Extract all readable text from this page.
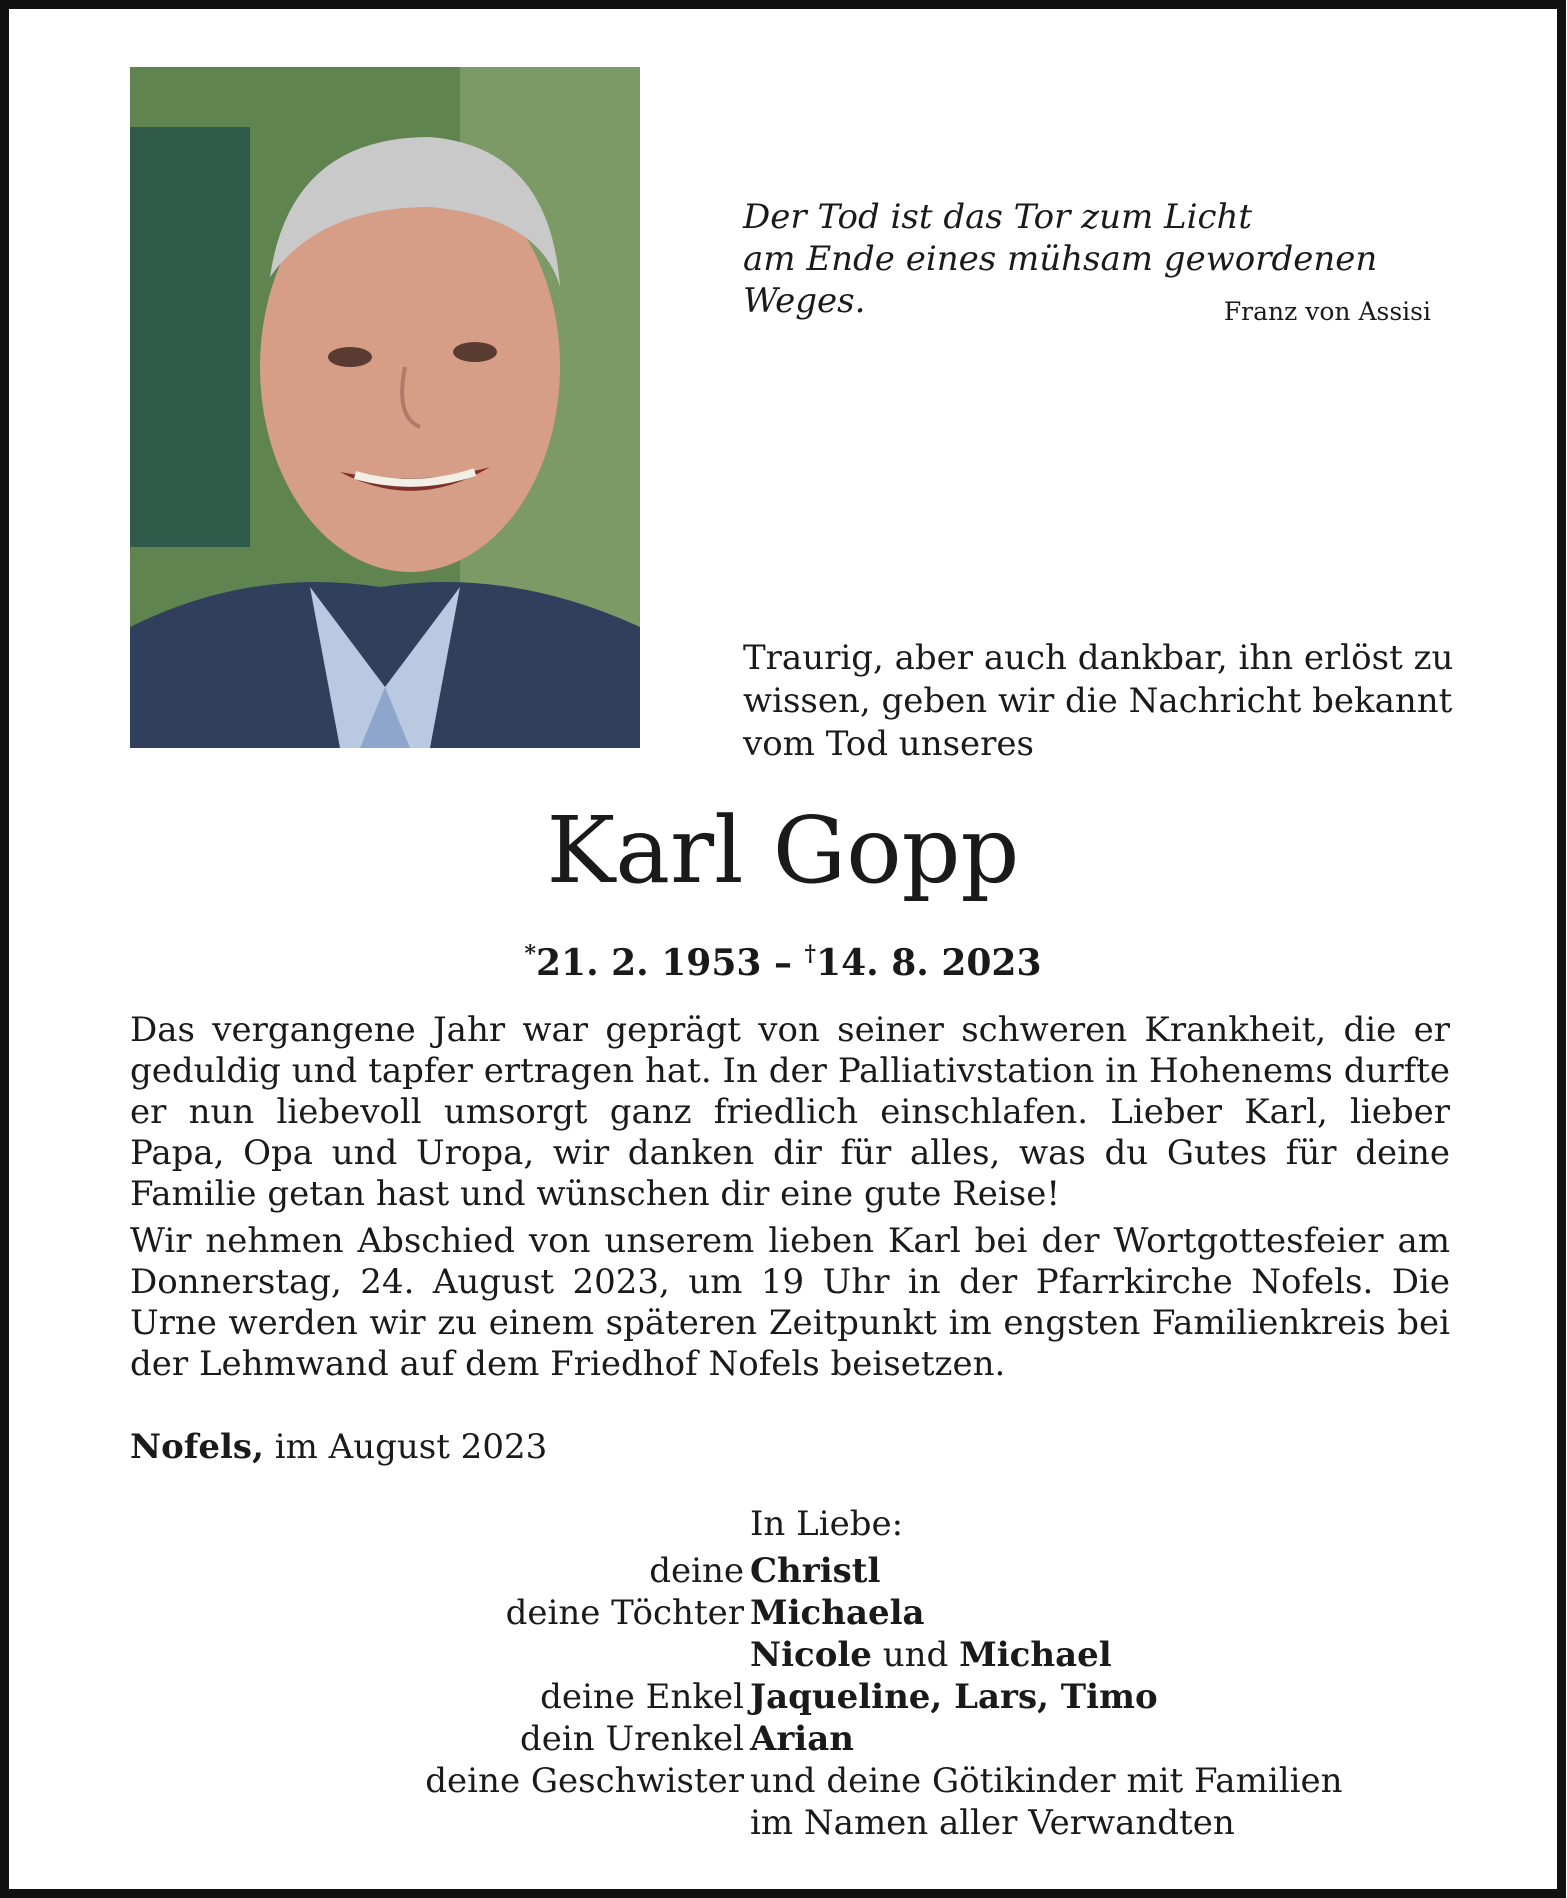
Der Tod ist das Tor zum Licht
am Ende eines mühsam gewordenen Weges.	Franz von Assisi
Traurig, aber auch dankbar, ihn erlöst zu
wissen, geben wir die Nachricht bekannt
vom Tod unseres
Karl Gopp
*21. 2. 1953 – †14. 8. 2023

Das vergangene Jahr war geprägt von seiner schweren Krankheit, die er geduldig und tapfer ertragen hat. In der Palliativstation in Hohenems durfte er nun liebevoll umsorgt ganz friedlich einschlafen. Lieber Karl, lieber Papa, Opa und Uropa, wir danken dir für alles, was du Gutes für deine Familie getan hast und wünschen dir eine gute Reise!

Wir nehmen Abschied von unserem lieben Karl bei der Wortgottesfeier am Donnerstag, 24. August 2023, um 19 Uhr in der Pfarrkirche Nofels. Die Urne werden wir zu einem späteren Zeitpunkt im engsten Familienkreis bei der Lehmwand auf dem Friedhof Nofels beisetzen.

Nofels, im August 2023
In Liebe:
deine Christl
deine Töchter Michaela
Nicole und Michael
deine Enkel Jaqueline, Lars, Timo
dein Urenkel Arian
deine Geschwister und deine Götikinder mit Familien
im Namen aller Verwandten
